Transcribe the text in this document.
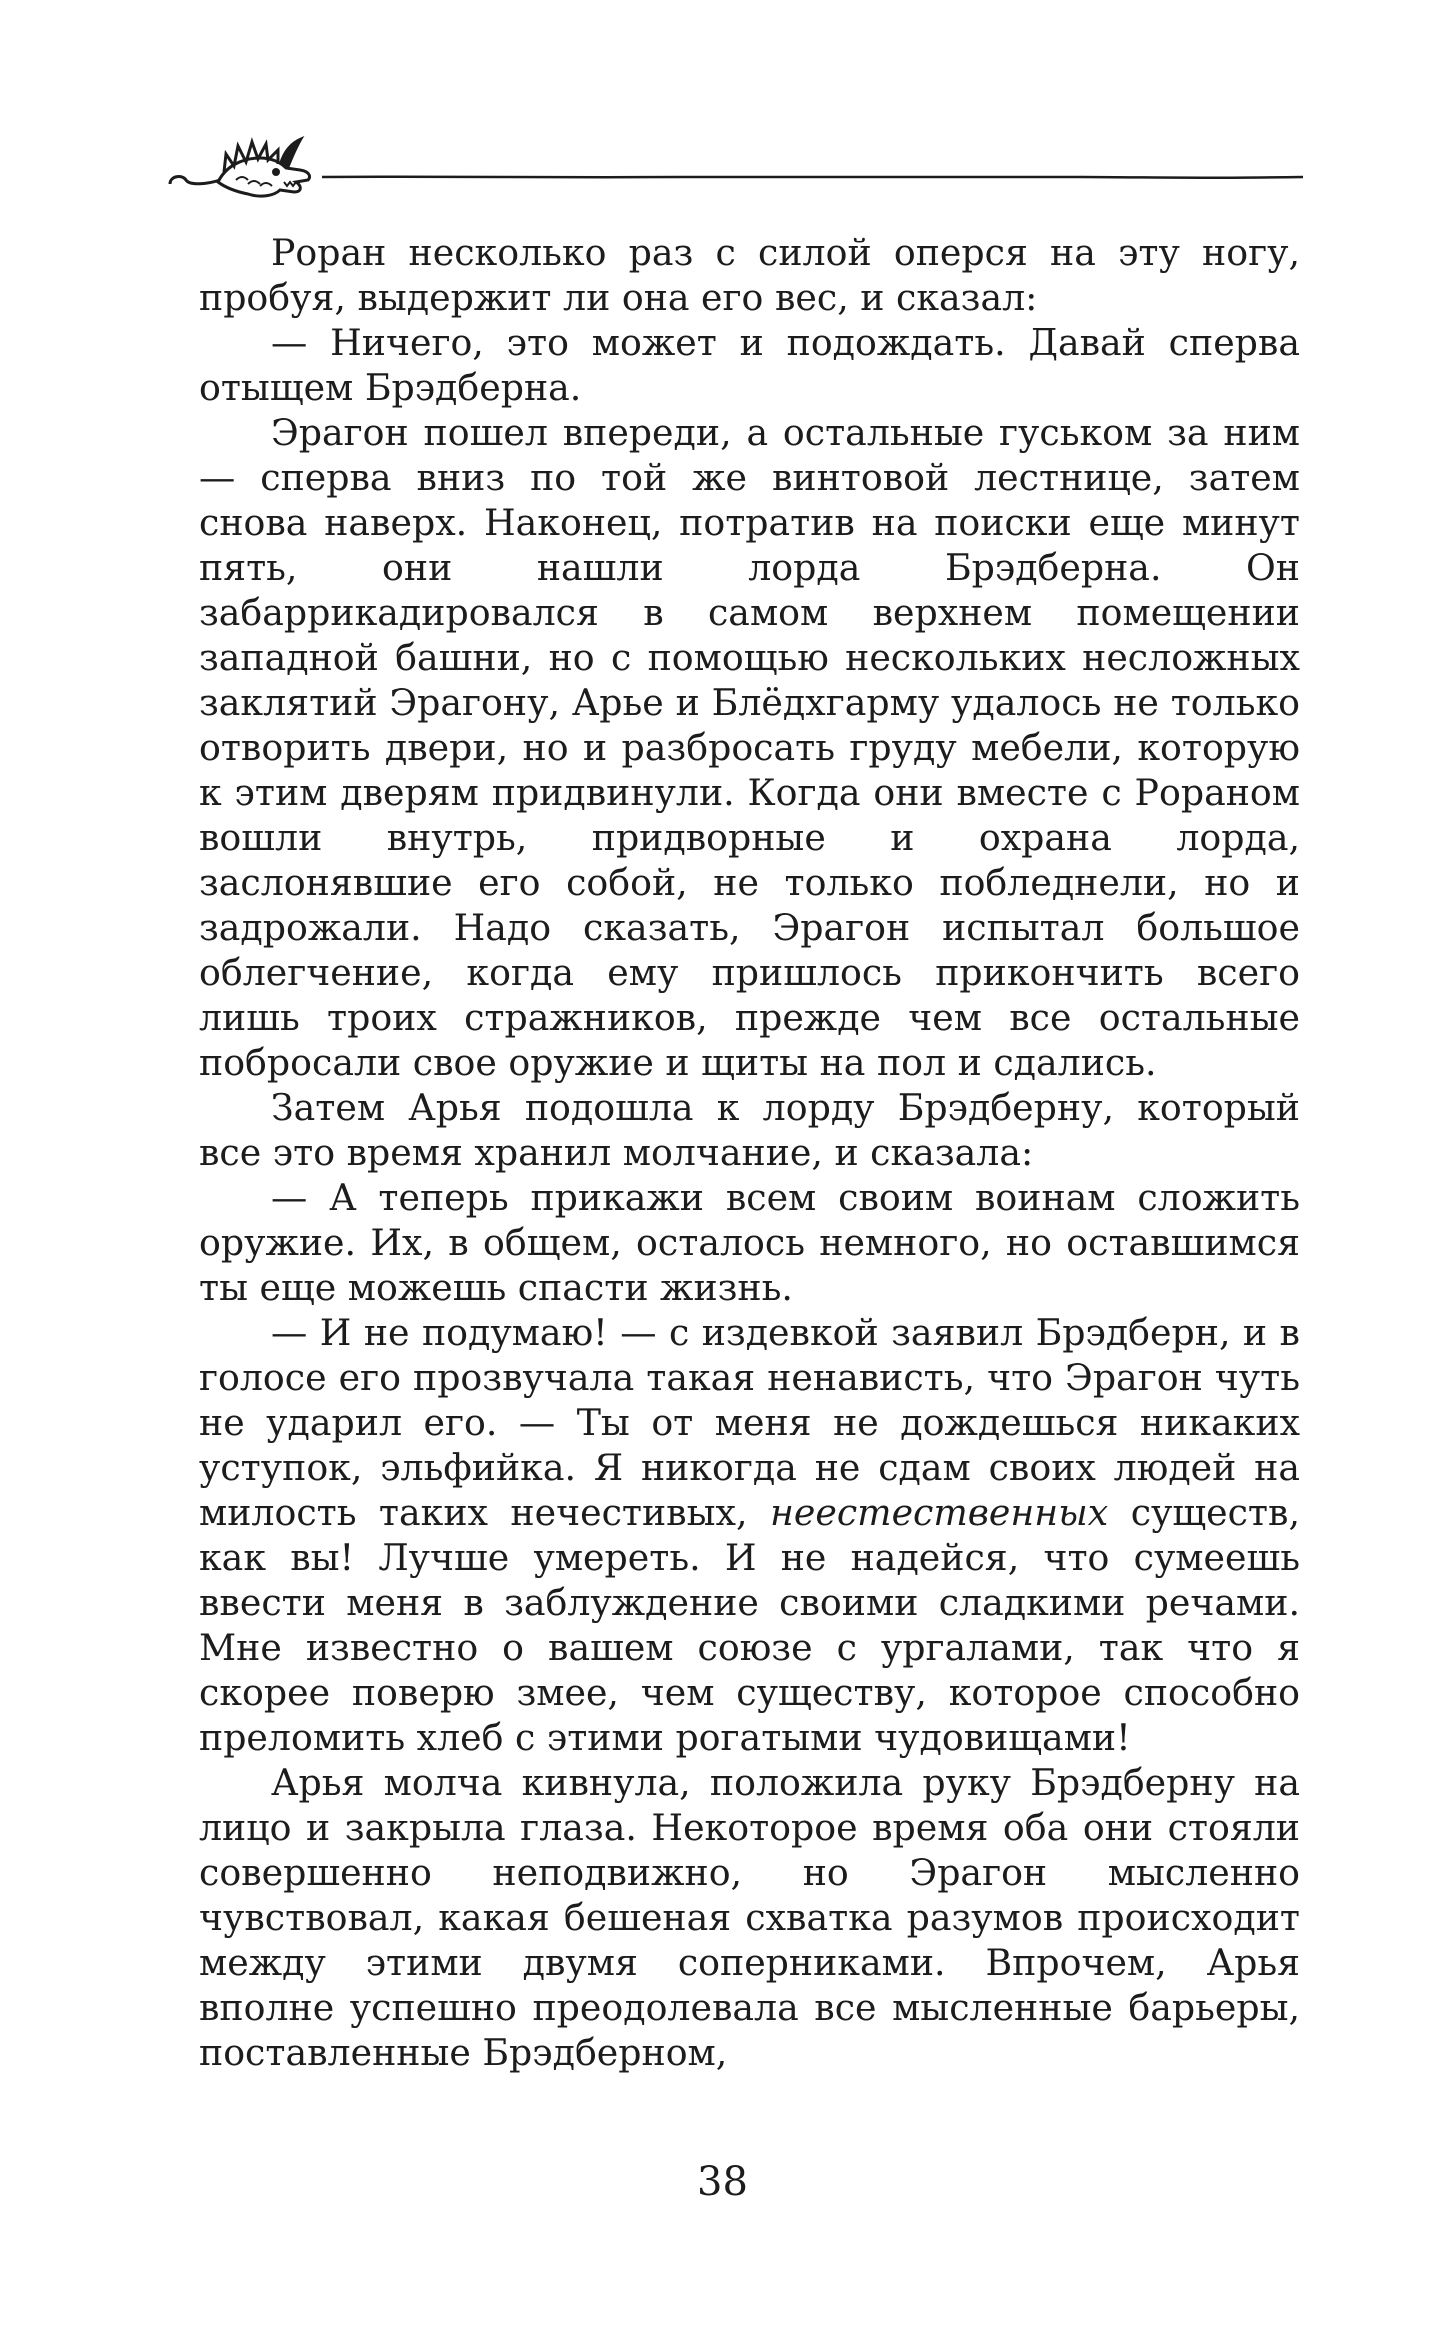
Роран несколько раз с силой оперся на эту ногу, пробуя, выдержит ли она его вес, и сказал:

— Ничего, это может и подождать. Давай сперва отыщем Брэдберна.

Эрагон пошел впереди, а остальные гуськом за ним — сперва вниз по той же винтовой лестнице, затем снова наверх. Наконец, потратив на поиски еще минут пять, они нашли лорда Брэдберна. Он забаррикадировался в самом верхнем помещении западной башни, но с помощью нескольких несложных заклятий Эрагону, Арье и Блёдхгарму удалось не только отворить двери, но и разбросать груду мебели, которую к этим дверям придвинули. Когда они вместе с Рораном вошли внутрь, придворные и охрана лорда, заслонявшие его собой, не только побледнели, но и задрожали. Надо сказать, Эрагон испытал большое облегчение, когда ему пришлось прикончить всего лишь троих стражников, прежде чем все остальные побросали свое оружие и щиты на пол и сдались.

Затем Арья подошла к лорду Брэдберну, который все это время хранил молчание, и сказала:

— А теперь прикажи всем своим воинам сложить оружие. Их, в общем, осталось немного, но оставшимся ты еще можешь спасти жизнь.

— И не подумаю! — с издевкой заявил Брэдберн, и в голосе его прозвучала такая ненависть, что Эрагон чуть не ударил его. — Ты от меня не дождешься никаких уступок, эльфийка. Я никогда не сдам своих людей на милость таких нечестивых, неестественных существ, как вы! Лучше умереть. И не надейся, что сумеешь ввести меня в заблуждение своими сладкими речами. Мне известно о вашем союзе с ургалами, так что я скорее поверю змее, чем существу, которое способно преломить хлеб с этими рогатыми чудовищами!

Арья молча кивнула, положила руку Брэдберну на лицо и закрыла глаза. Некоторое время оба они стояли совершенно неподвижно, но Эрагон мысленно чувствовал, какая бешеная схватка разумов происходит между этими двумя соперниками. Впрочем, Арья вполне успешно преодолевала все мысленные барьеры, поставленные Брэдберном,

38
